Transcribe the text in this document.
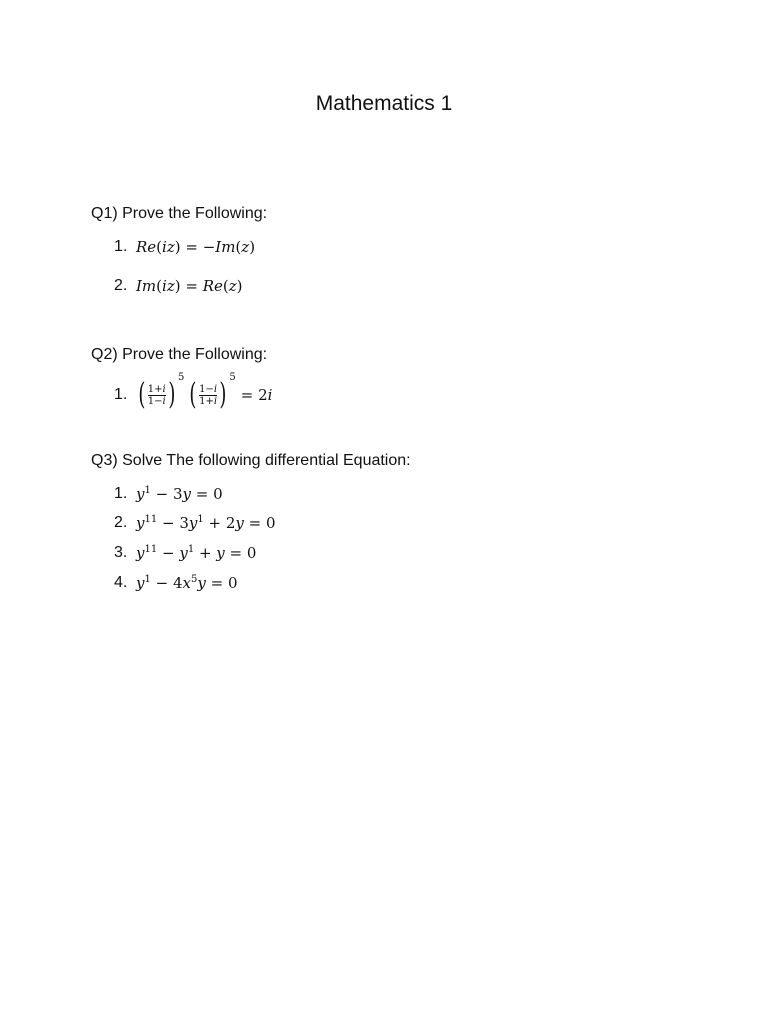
Mathematics 1
Q1) Prove the Following:
1. Re(iz) = −Im(z)
2. Im(iz) = Re(z)
Q2) Prove the Following:
1. ( $\frac{1+i}{1-i}$ ) 5 ( $\frac{1-i}{1+i}$ ) 5
= 2i
Q3) Solve The following differential Equation:
1. $y^1 - 3y = 0$
2. $y^{11} - 3y^1 + 2y = 0$
3. $y^{11} - y^1 + y = 0$
4. $y^1 - 4x^5y = 0$
